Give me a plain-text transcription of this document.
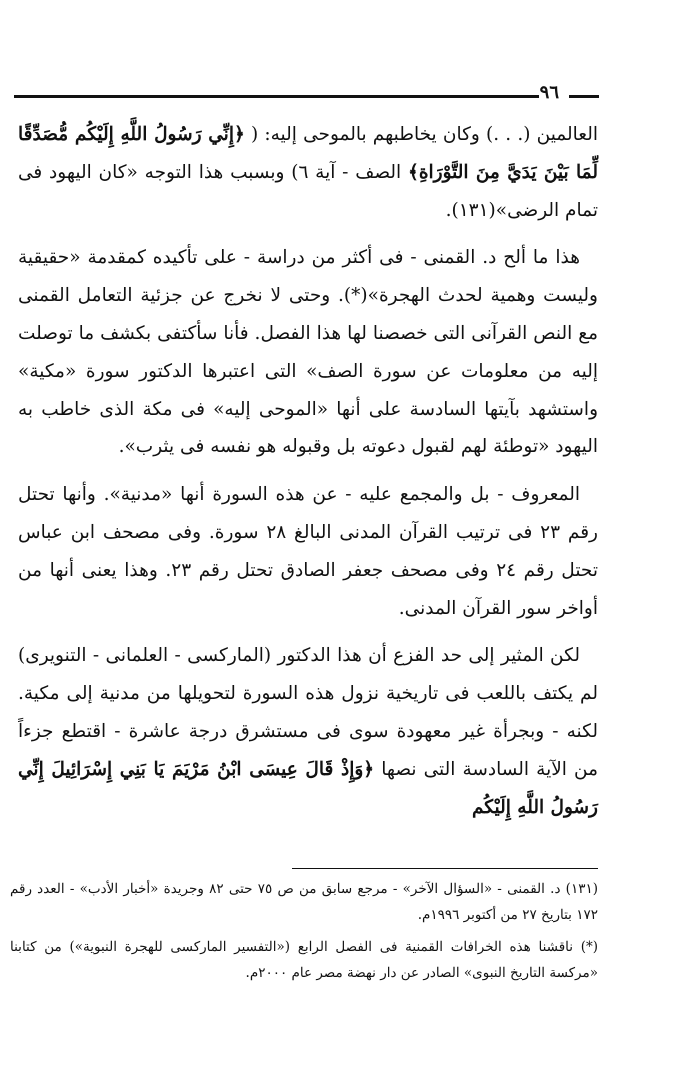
٩٦

العالمين (. . .) وكان يخاطبهم بالموحى إليه: ( ﴿إِنِّي رَسُولُ اللَّهِ إِلَيْكُم مُّصَدِّقًا لِّمَا بَيْنَ يَدَيَّ مِنَ التَّوْرَاةِ﴾ الصف - آية ٦) وبسبب هذا التوجه «كان اليهود فى تمام الرضى»(١٣١).

هذا ما ألح د. القمنى - فى أكثر من دراسة - على تأكيده كمقدمة «حقيقية وليست وهمية لحدث الهجرة»(*). وحتى لا نخرج عن جزئية التعامل القمنى مع النص القرآنى التى خصصنا لها هذا الفصل. فأنا سأكتفى بكشف ما توصلت إليه من معلومات عن سورة الصف» التى اعتبرها الدكتور سورة «مكية» واستشهد بآيتها السادسة على أنها «الموحى إليه» فى مكة الذى خاطب به اليهود «توطئة لهم لقبول دعوته بل وقبوله هو نفسه فى يثرب».

المعروف - بل والمجمع عليه - عن هذه السورة أنها «مدنية». وأنها تحتل رقم ٢٣ فى ترتيب القرآن المدنى البالغ ٢٨ سورة. وفى مصحف ابن عباس تحتل رقم ٢٤ وفى مصحف جعفر الصادق تحتل رقم ٢٣. وهذا يعنى أنها من أواخر سور القرآن المدنى.

لكن المثير إلى حد الفزع أن هذا الدكتور (الماركسى - العلمانى - التنويرى) لم يكتف باللعب فى تاريخية نزول هذه السورة لتحويلها من مدنية إلى مكية. لكنه - وبجرأة غير معهودة سوى فى مستشرق درجة عاشرة - اقتطع جزءاً من الآية السادسة التى نصها ﴿وَإِذْ قَالَ عِيسَى ابْنُ مَرْيَمَ يَا بَنِي إِسْرَائِيلَ إِنِّي رَسُولُ اللَّهِ إِلَيْكُم

(١٣١) د. القمنى - «السؤال الآخر» - مرجع سابق من ص ٧٥ حتى ٨٢ وجريدة «أخبار الأدب» - العدد رقم ١٧٢ بتاريخ ٢٧ من أكتوبر ١٩٩٦م.

(*) ناقشنا هذه الخرافات القمنية فى الفصل الرابع («التفسير الماركسى للهجرة النبوية») من كتابنا «مركسة التاريخ النبوى» الصادر عن دار نهضة مصر عام ٢٠٠٠م.
